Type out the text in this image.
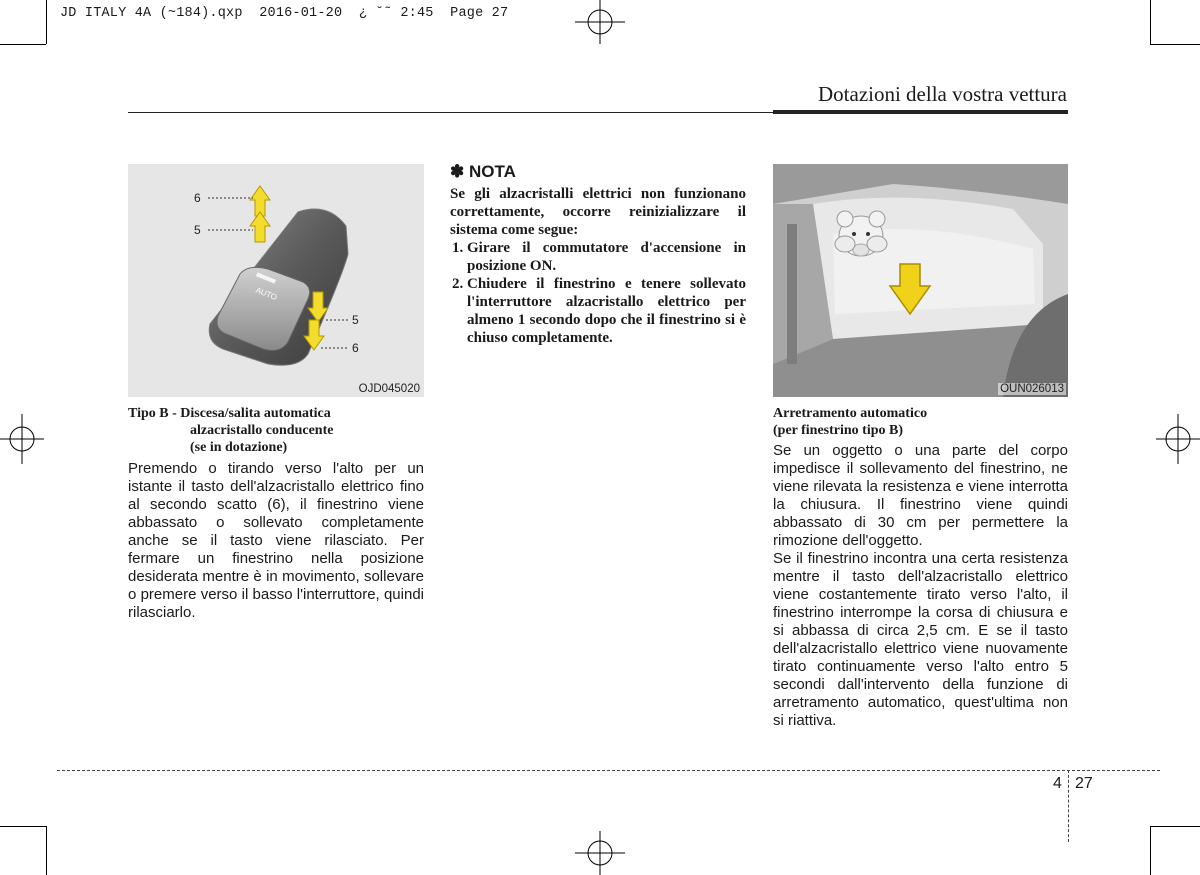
JD ITALY 4A (~184).qxp  2016-01-20  ¿ ˘˜ 2:45  Page 27
Dotazioni della vostra vettura
AUTO
6
5
5
6
OJD045020
Tipo B - Discesa/salita automatica
alzacristallo conducente
(se in dotazione)

Premendo o tirando verso l'alto per un istante il tasto dell'alzacristallo elettrico fino al secondo scatto (6), il finestrino viene abbassato o sollevato completamente anche se il tasto viene rilasciato. Per fermare un finestrino nella posizione desiderata mentre è in movimento, sollevare o premere verso il basso l'interruttore, quindi rilasciarlo.

✽ NOTA
Se gli alzacristalli elettrici non funzionano correttamente, occorre reinizializzare il sistema come segue:
1. Girare il commutatore d'accensione in posizione ON.
2. Chiudere il finestrino e tenere sollevato l'interruttore alzacristallo elettrico per almeno 1 secondo dopo che il finestrino si è chiuso completamente.
OUN026013
Arretramento automatico
(per finestrino tipo B)

Se un oggetto o una parte del corpo impedisce il sollevamento del finestrino, ne viene rilevata la resistenza e viene interrotta la chiusura. Il finestrino viene quindi abbassato di 30 cm per permettere la rimozione dell'oggetto.

Se il finestrino incontra una certa resistenza mentre il tasto dell'alzacristallo elettrico viene costantemente tirato verso l'alto, il finestrino interrompe la corsa di chiusura e si abbassa di circa 2,5 cm. E se il tasto dell'alzacristallo elettrico viene nuovamente tirato continuamente verso l'alto entro 5 secondi dall'intervento della funzione di arretramento automatico, quest'ultima non si riattiva.

4 27
